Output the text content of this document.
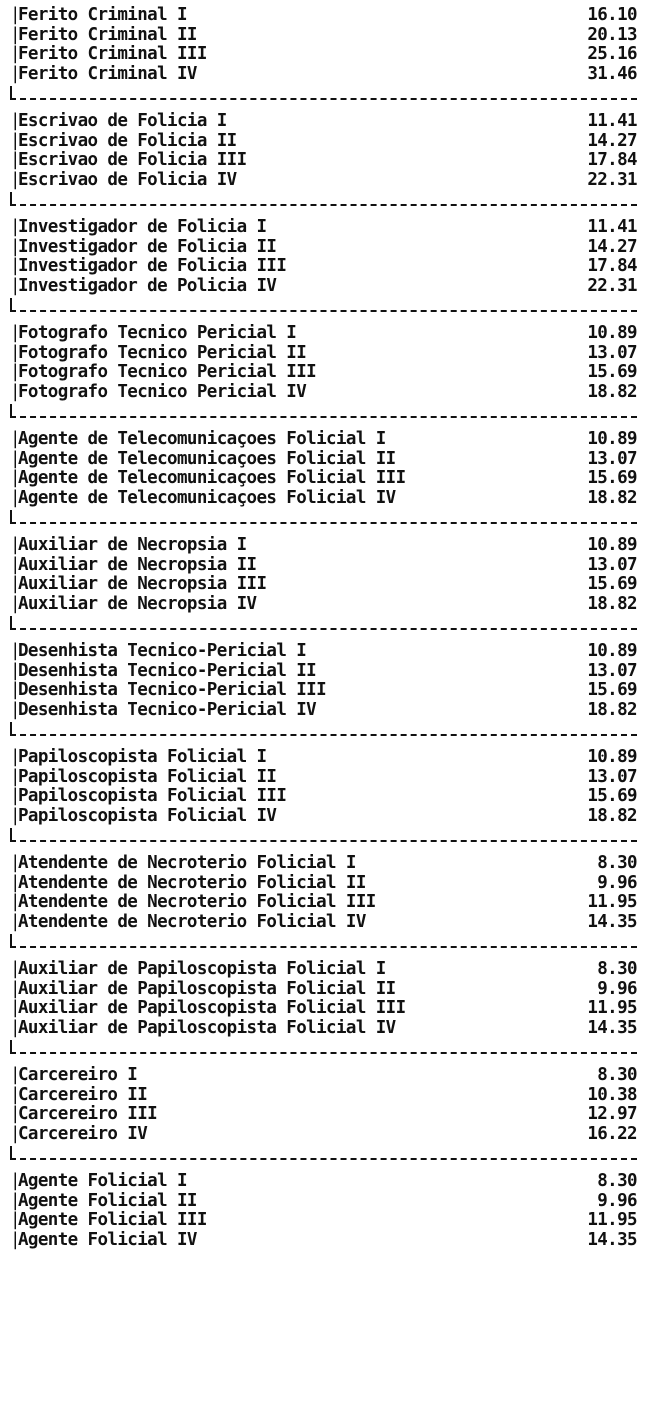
| Ferito Criminal I	16.10
| Ferito Criminal II	20.13
| Ferito Criminal III	25.16
| Ferito Criminal IV	31.46
| Escrivao de Folicia I	11.41
| Escrivao de Folicia II	14.27
| Escrivao de Folicia III	17.84
| Escrivao de Folicia IV	22.31
| Investigador de Folicia I	11.41
| Investigador de Folicia II	14.27
| Investigador de Folicia III	17.84
| Investigador de Policia IV	22.31
| Fotografo Tecnico Pericial I	10.89
| Fotografo Tecnico Pericial II	13.07
| Fotografo Tecnico Pericial III	15.69
| Fotografo Tecnico Pericial IV	18.82
| Agente de Telecomunicaçoes Folicial I	10.89
| Agente de Telecomunicaçoes Folicial II	13.07
| Agente de Telecomunicaçoes Folicial III	15.69
| Agente de Telecomunicaçoes Folicial IV	18.82
| Auxiliar de Necropsia I	10.89
| Auxiliar de Necropsia II	13.07
| Auxiliar de Necropsia III	15.69
| Auxiliar de Necropsia IV	18.82
| Desenhista Tecnico-Pericial I	10.89
| Desenhista Tecnico-Pericial II	13.07
| Desenhista Tecnico-Pericial III	15.69
| Desenhista Tecnico-Pericial IV	18.82
| Papiloscopista Folicial I	10.89
| Papiloscopista Folicial II	13.07
| Papiloscopista Folicial III	15.69
| Papiloscopista Folicial IV	18.82
| Atendente de Necroterio Folicial I	8.30
| Atendente de Necroterio Folicial II	9.96
| Atendente de Necroterio Folicial III	11.95
| Atendente de Necroterio Folicial IV	14.35
| Auxiliar de Papiloscopista Folicial I	8.30
| Auxiliar de Papiloscopista Folicial II	9.96
| Auxiliar de Papiloscopista Folicial III	11.95
| Auxiliar de Papiloscopista Folicial IV	14.35
| Carcereiro I	8.30
| Carcereiro II	10.38
| Carcereiro III	12.97
| Carcereiro IV	16.22
| Agente Folicial I	8.30
| Agente Folicial II	9.96
| Agente Folicial III	11.95
| Agente Folicial IV	14.35
